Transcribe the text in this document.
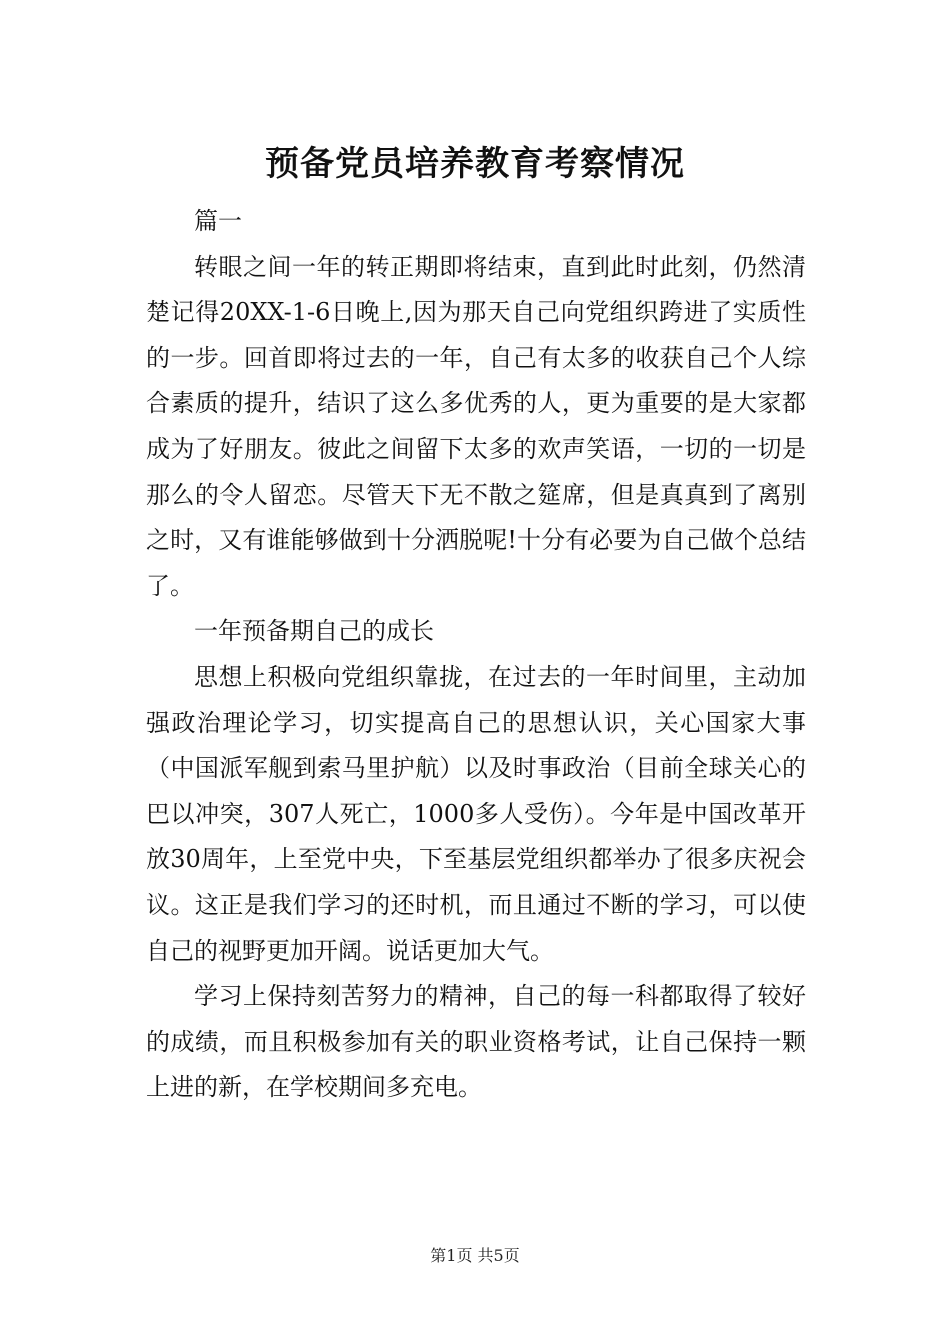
预备党员培养教育考察情况

篇一

转眼之间一年的转正期即将结束，直到此时此刻，仍然清楚记得20XX-1-6日晚上,因为那天自己向党组织跨进了实质性的一步。回首即将过去的一年，自己有太多的收获自己个人综合素质的提升，结识了这么多优秀的人，更为重要的是大家都成为了好朋友。彼此之间留下太多的欢声笑语，一切的一切是那么的令人留恋。尽管天下无不散之筵席，但是真真到了离别之时，又有谁能够做到十分洒脱呢!十分有必要为自己做个总结了。

一年预备期自己的成长

思想上积极向党组织靠拢，在过去的一年时间里，主动加强政治理论学习，切实提高自己的思想认识，关心国家大事（中国派军舰到索马里护航）以及时事政治（目前全球关心的巴以冲突，307人死亡，1000多人受伤）。今年是中国改革开放30周年，上至党中央，下至基层党组织都举办了很多庆祝会议。这正是我们学习的还时机，而且通过不断的学习，可以使自己的视野更加开阔。说话更加大气。

学习上保持刻苦努力的精神，自己的每一科都取得了较好的成绩，而且积极参加有关的职业资格考试，让自己保持一颗上进的新，在学校期间多充电。

第1页 共5页
